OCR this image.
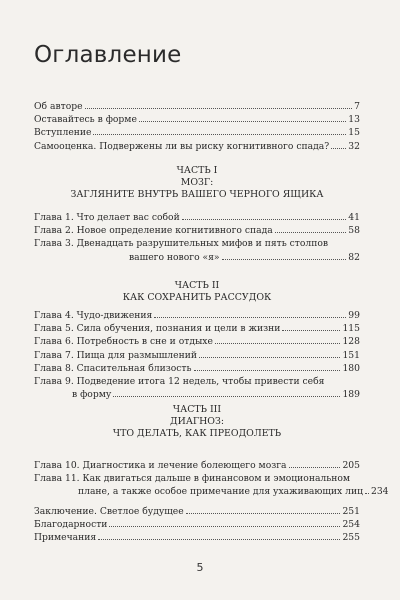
Оглавление
Об авторе	7
Оставайтесь в форме	13
Вступление	15
Самооценка. Подвержены ли вы риску когнитивного спада? 32
ЧАСТЬ I
МОЗГ:
ЗАГЛЯНИТЕ ВНУТРЬ ВАШЕГО ЧЕРНОГО ЯЩИКА
Глава 1. Что делает вас собой	41
Глава 2. Новое определение когнитивного спада	58
Глава 3. Двенадцать разрушительных мифов и пять столпов
вашего нового «я»	82
ЧАСТЬ II
КАК СОХРАНИТЬ РАССУДОК
Глава 4. Чудо-движения	99
Глава 5. Сила обучения, познания и цели в жизни	115
Глава 6. Потребность в сне и отдыхе	128
Глава 7. Пища для размышлений	151
Глава 8. Спасительная близость	180
Глава 9. Подведение итога 12 недель, чтобы привести себя
в форму	189
ЧАСТЬ III
ДИАГНОЗ:
ЧТО ДЕЛАТЬ, КАК ПРЕОДОЛЕТЬ
Глава 10. Диагностика и лечение болеющего мозга	205
Глава 11. Как двигаться дальше в финансовом и эмоциональном
плане, а также особое примечание для ухаживающих лиц 234
Заключение. Светлое будущее	251
Благодарности	254
Примечания	255
5
